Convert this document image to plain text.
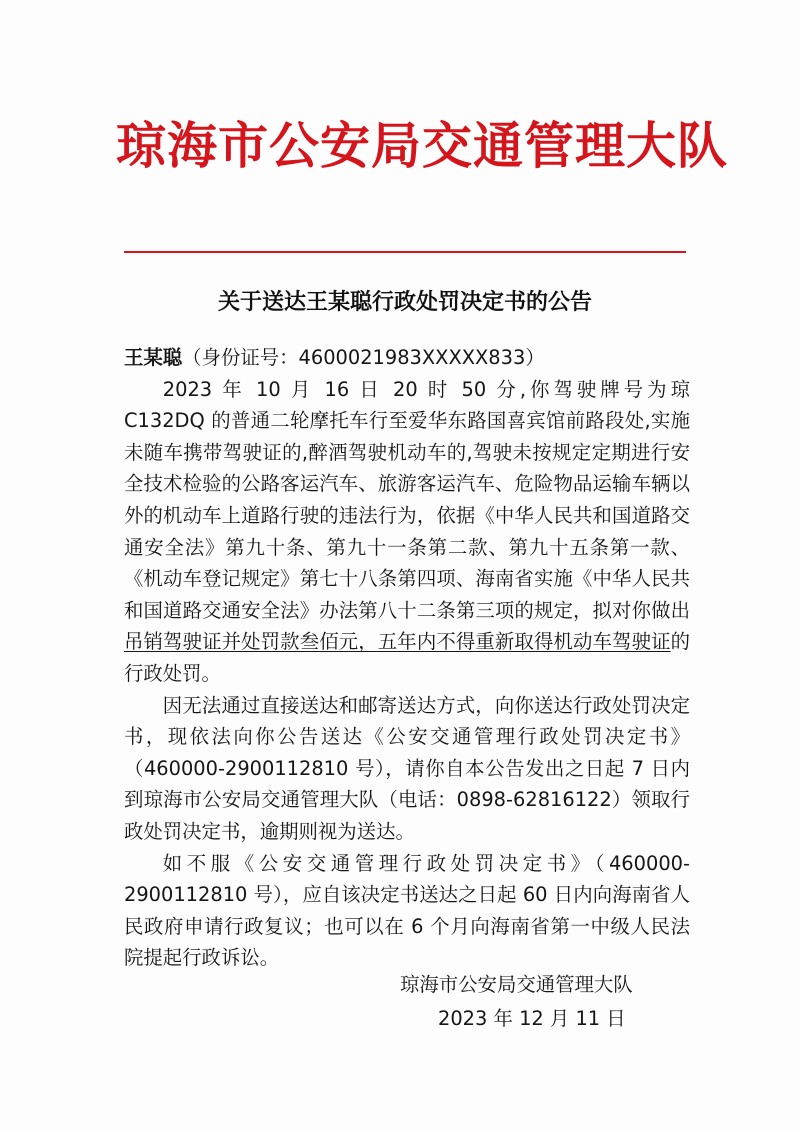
琼海市公安局交通管理大队
关于送达王某聪行政处罚决定书的公告

王某聪（身份证号：4600021983XXXXX833）

2023 年 10 月 16 日 20 时 50 分,你驾驶牌号为琼 C132DQ 的普通二轮摩托车行至爱华东路国喜宾馆前路段处,实施未随车携带驾驶证的,醉酒驾驶机动车的,驾驶未按规定定期进行安全技术检验的公路客运汽车、旅游客运汽车、危险物品运输车辆以外的机动车上道路行驶的违法行为，依据《中华人民共和国道路交通安全法》第九十条、第九十一条第二款、第九十五条第一款、《机动车登记规定》第七十八条第四项、海南省实施《中华人民共和国道路交通安全法》办法第八十二条第三项的规定，拟对你做出吊销驾驶证并处罚款叁佰元，五年内不得重新取得机动车驾驶证的行政处罚。

因无法通过直接送达和邮寄送达方式，向你送达行政处罚决定书，现依法向你公告送达《公安交通管理行政处罚决定书》（460000-2900112810 号），请你自本公告发出之日起 7 日内到琼海市公安局交通管理大队（电话：0898-62816122）领取行政处罚决定书，逾期则视为送达。

如不服《公安交通管理行政处罚决定书》（460000-2900112810 号），应自该决定书送达之日起 60 日内向海南省人民政府申请行政复议；也可以在 6 个月向海南省第一中级人民法院提起行政诉讼。

琼海市公安局交通管理大队
2023 年 12 月 11 日
